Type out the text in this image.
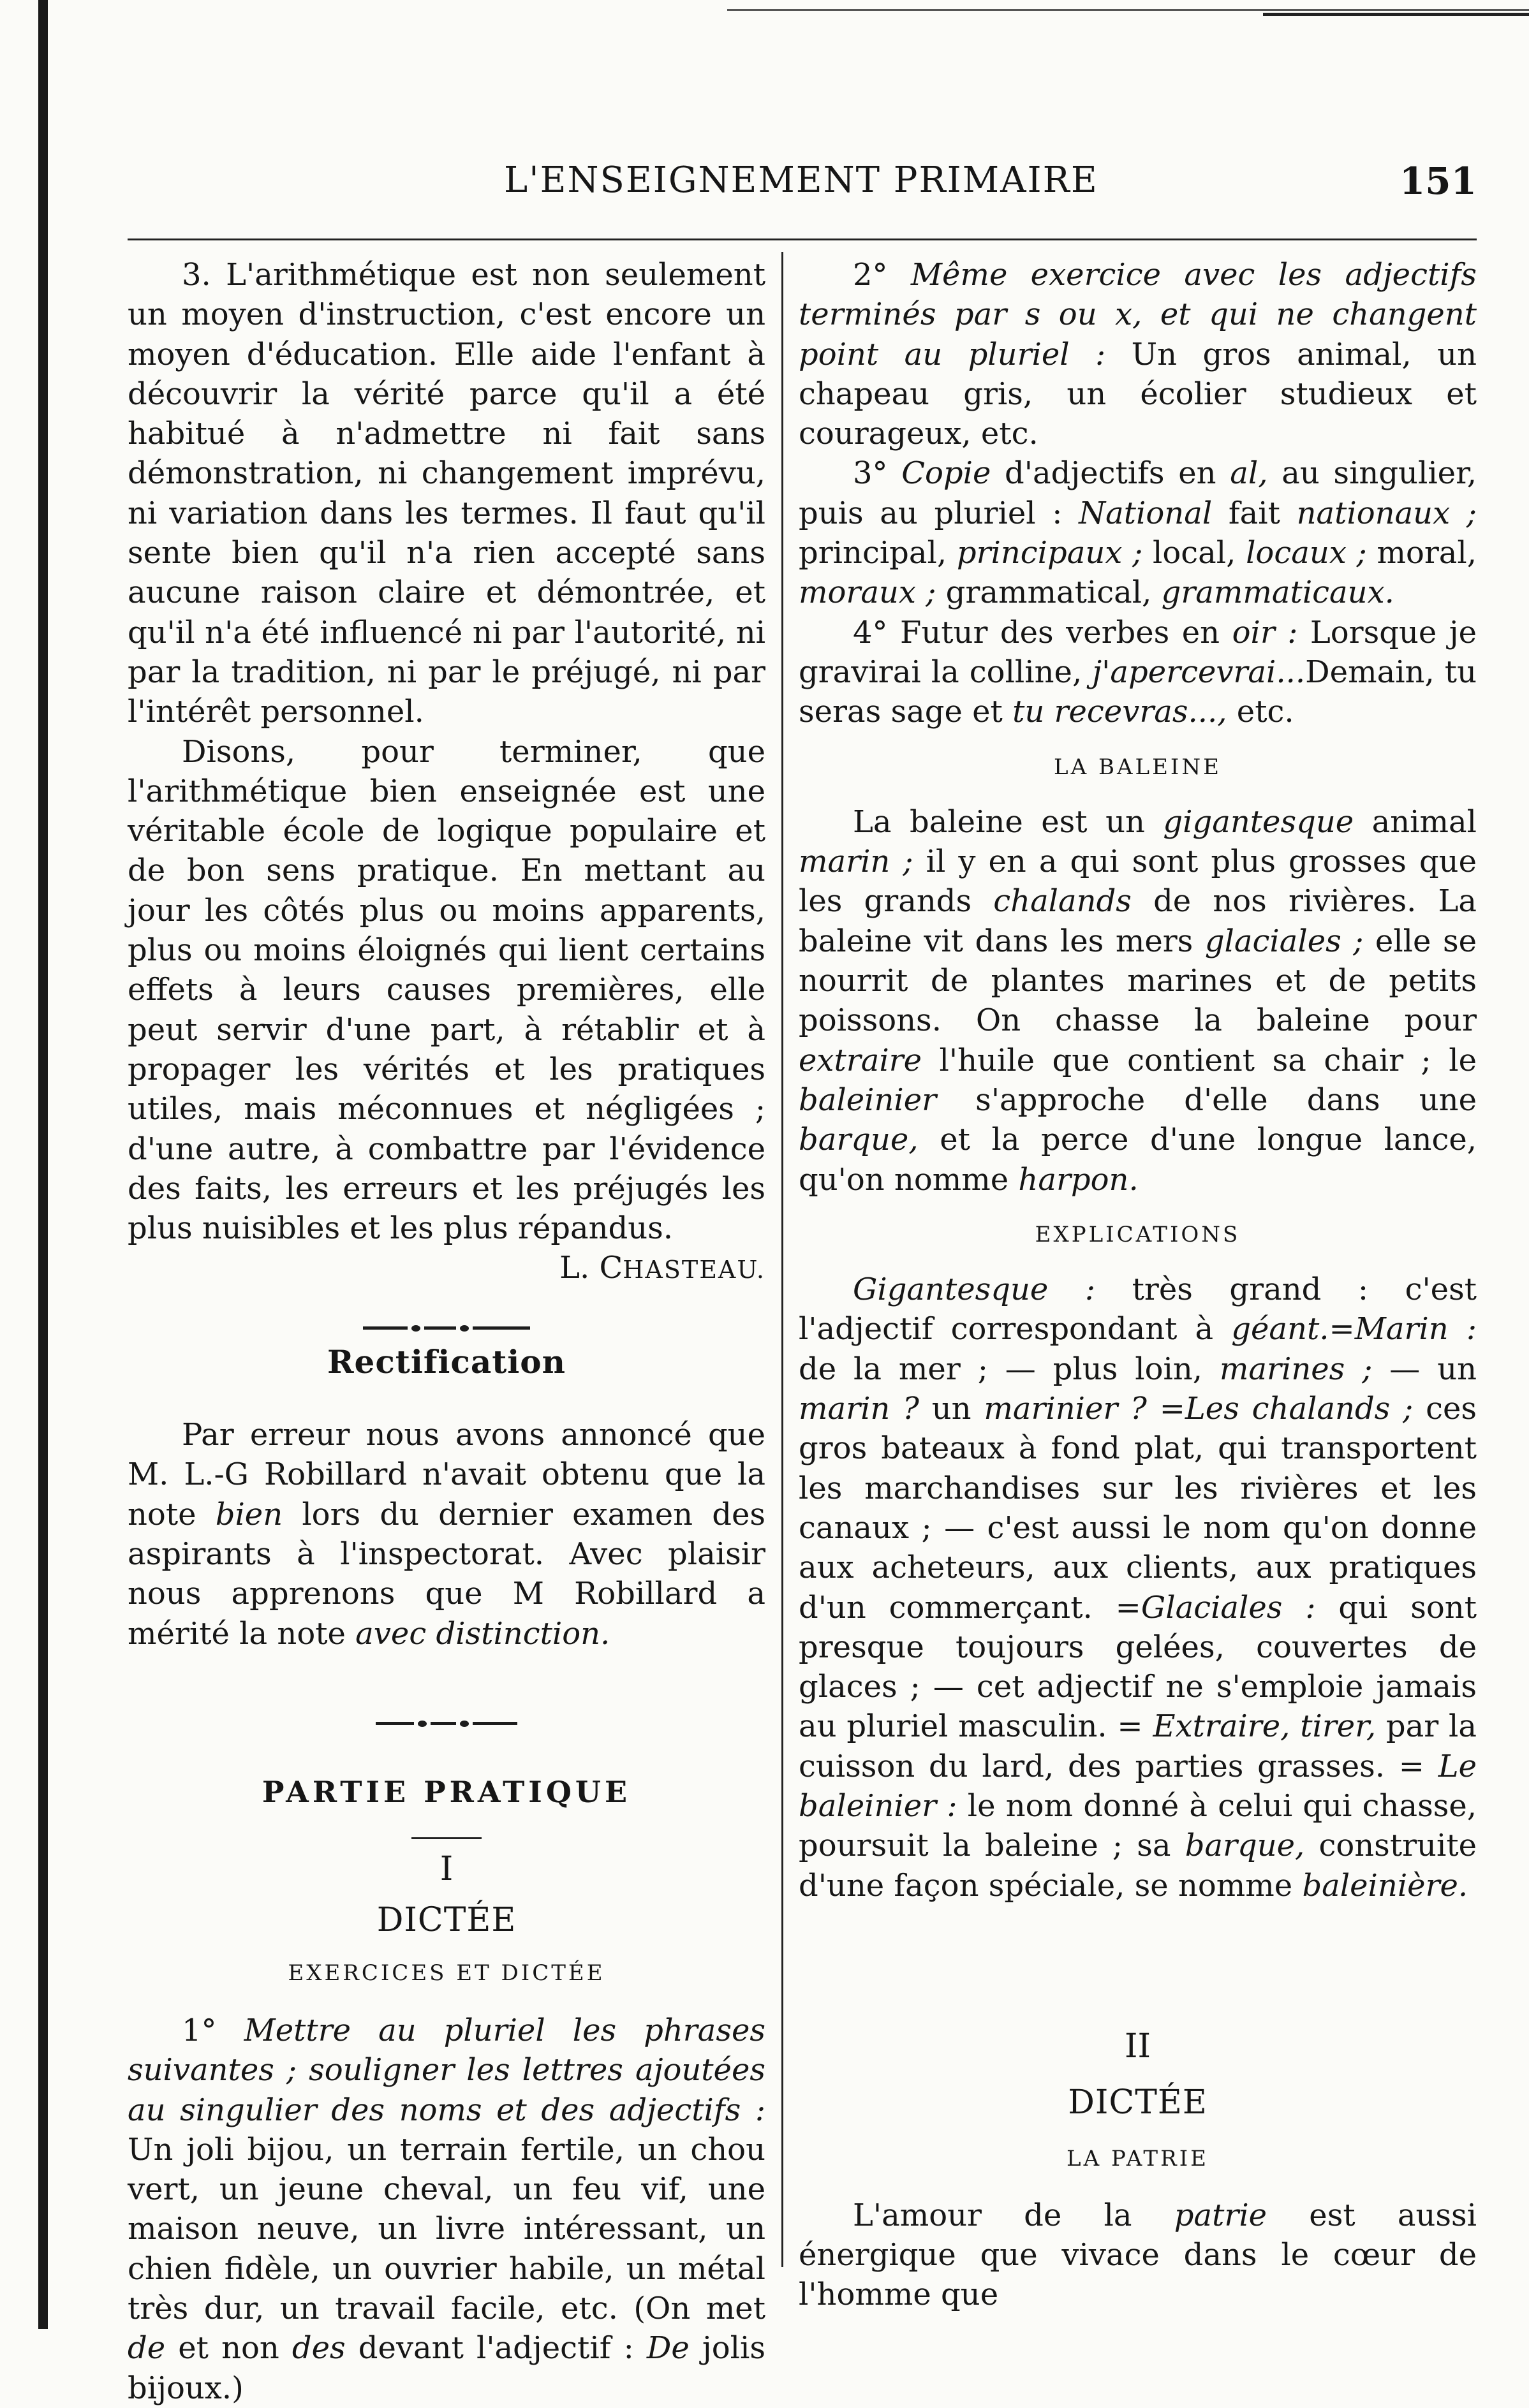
L'ENSEIGNEMENT PRIMAIRE	151

3. L'arithmétique est non seulement un moyen d'instruction, c'est encore un moyen d'éducation. Elle aide l'enfant à découvrir la vérité parce qu'il a été habitué à n'admettre ni fait sans démonstration, ni changement imprévu, ni variation dans les termes. Il faut qu'il sente bien qu'il n'a rien accepté sans aucune raison claire et démontrée, et qu'il n'a été influencé ni par l'autorité, ni par la tradition, ni par le préjugé, ni par l'intérêt personnel.

Disons, pour terminer, que l'arithmétique bien enseignée est une véritable école de logique populaire et de bon sens pratique. En mettant au jour les côtés plus ou moins apparents, plus ou moins éloignés qui lient certains effets à leurs causes premières, elle peut servir d'une part, à rétablir et à propager les vérités et les pratiques utiles, mais méconnues et négligées ; d'une autre, à combattre par l'évidence des faits, les erreurs et les préjugés les plus nuisibles et les plus répandus.

L. CHASTEAU.

Rectification

Par erreur nous avons annoncé que M. L.-G Robillard n'avait obtenu que la note bien lors du dernier examen des aspirants à l'inspectorat. Avec plaisir nous apprenons que M Robillard a mérité la note avec distinction.

PARTIE PRATIQUE
I
DICTÉE
EXERCICES ET DICTÉE

1° Mettre au pluriel les phrases suivantes ; souligner les lettres ajoutées au singulier des noms et des adjectifs : Un joli bijou, un terrain fertile, un chou vert, un jeune cheval, un feu vif, une maison neuve, un livre intéressant, un chien fidèle, un ouvrier habile, un métal très dur, un travail facile, etc. (On met de et non des devant l'adjectif : De jolis bijoux.)

2° Même exercice avec les adjectifs terminés par s ou x, et qui ne changent point au pluriel : Un gros animal, un chapeau gris, un écolier studieux et courageux, etc.

3° Copie d'adjectifs en al, au singulier, puis au pluriel : National fait nationaux ; principal, principaux ; local, locaux ; moral, moraux ; grammatical, grammaticaux.

4° Futur des verbes en oir : Lorsque je gravirai la colline, j'apercevrai...Demain, tu seras sage et tu recevras..., etc.

LA BALEINE

La baleine est un gigantesque animal marin ; il y en a qui sont plus grosses que les grands chalands de nos rivières. La baleine vit dans les mers glaciales ; elle se nourrit de plantes marines et de petits poissons. On chasse la baleine pour extraire l'huile que contient sa chair ; le baleinier s'approche d'elle dans une barque, et la perce d'une longue lance, qu'on nomme harpon.

EXPLICATIONS

Gigantesque : très grand : c'est l'adjectif correspondant à géant.=Marin : de la mer ; — plus loin, marines ; — un marin ? un marinier ? =Les chalands ; ces gros bateaux à fond plat, qui transportent les marchandises sur les rivières et les canaux ; — c'est aussi le nom qu'on donne aux acheteurs, aux clients, aux pratiques d'un commerçant. =Glaciales : qui sont presque toujours gelées, couvertes de glaces ; — cet adjectif ne s'emploie jamais au pluriel masculin. = Extraire, tirer, par la cuisson du lard, des parties grasses. = Le baleinier : le nom donné à celui qui chasse, poursuit la baleine ; sa barque, construite d'une façon spéciale, se nomme baleinière.

II
DICTÉE
LA PATRIE

L'amour de la patrie est aussi énergique que vivace dans le cœur de l'homme que
